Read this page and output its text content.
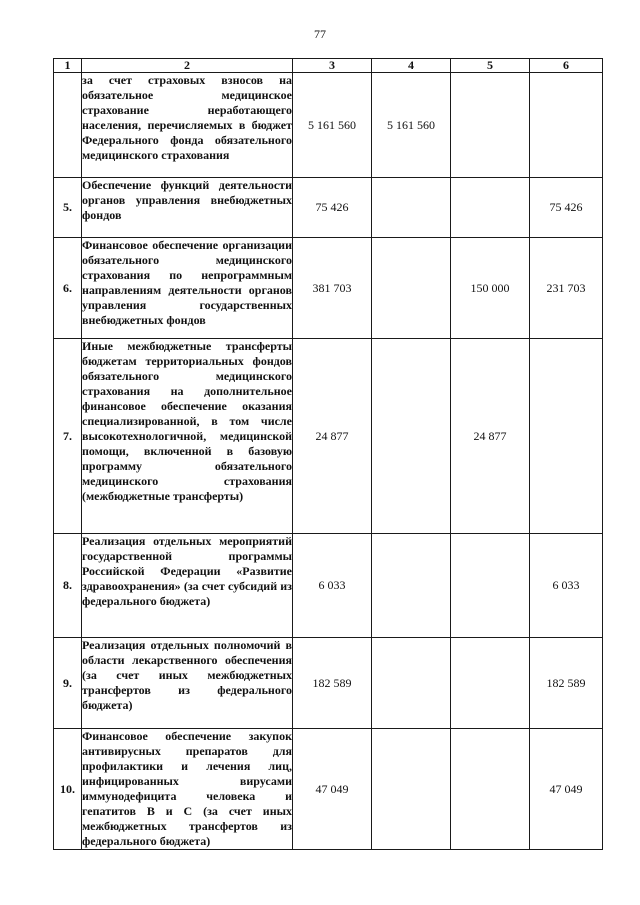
77
1	2	3	4	5	6
	за счет страховых взносов на обязательное медицинское страхование неработающего населения, перечисляемых в бюджет Федерального фонда обязательного медицинского страхования	5 161 560	5 161 560		
5.	Обеспечение функций деятельности органов управления внебюджетных фондов	75 426			75 426
6.	Финансовое обеспечение организации обязательного медицинского страхования по непрограммным направлениям деятельности органов управления государственных внебюджетных фондов	381 703		150 000	231 703
7.	Иные межбюджетные трансферты бюджетам территориальных фондов обязательного медицинского страхования на дополнительное финансовое обеспечение оказания специализированной, в том числе высокотехнологичной, медицинской помощи, включенной в базовую программу обязательного медицинского страхования (межбюджетные трансферты)	24 877		24 877	
8.	Реализация отдельных мероприятий государственной программы Российской Федерации «Развитие здравоохранения» (за счет субсидий из федерального бюджета)	6 033			6 033
9.	Реализация отдельных полномочий в области лекарственного обеспечения (за счет иных межбюджетных трансфертов из федерального бюджета)	182 589			182 589
10.	Финансовое обеспечение закупок антивирусных препаратов для профилактики и лечения лиц, инфицированных вирусами иммунодефицита человека и гепатитов В и С (за счет иных межбюджетных трансфертов из федерального бюджета)	47 049			47 049
